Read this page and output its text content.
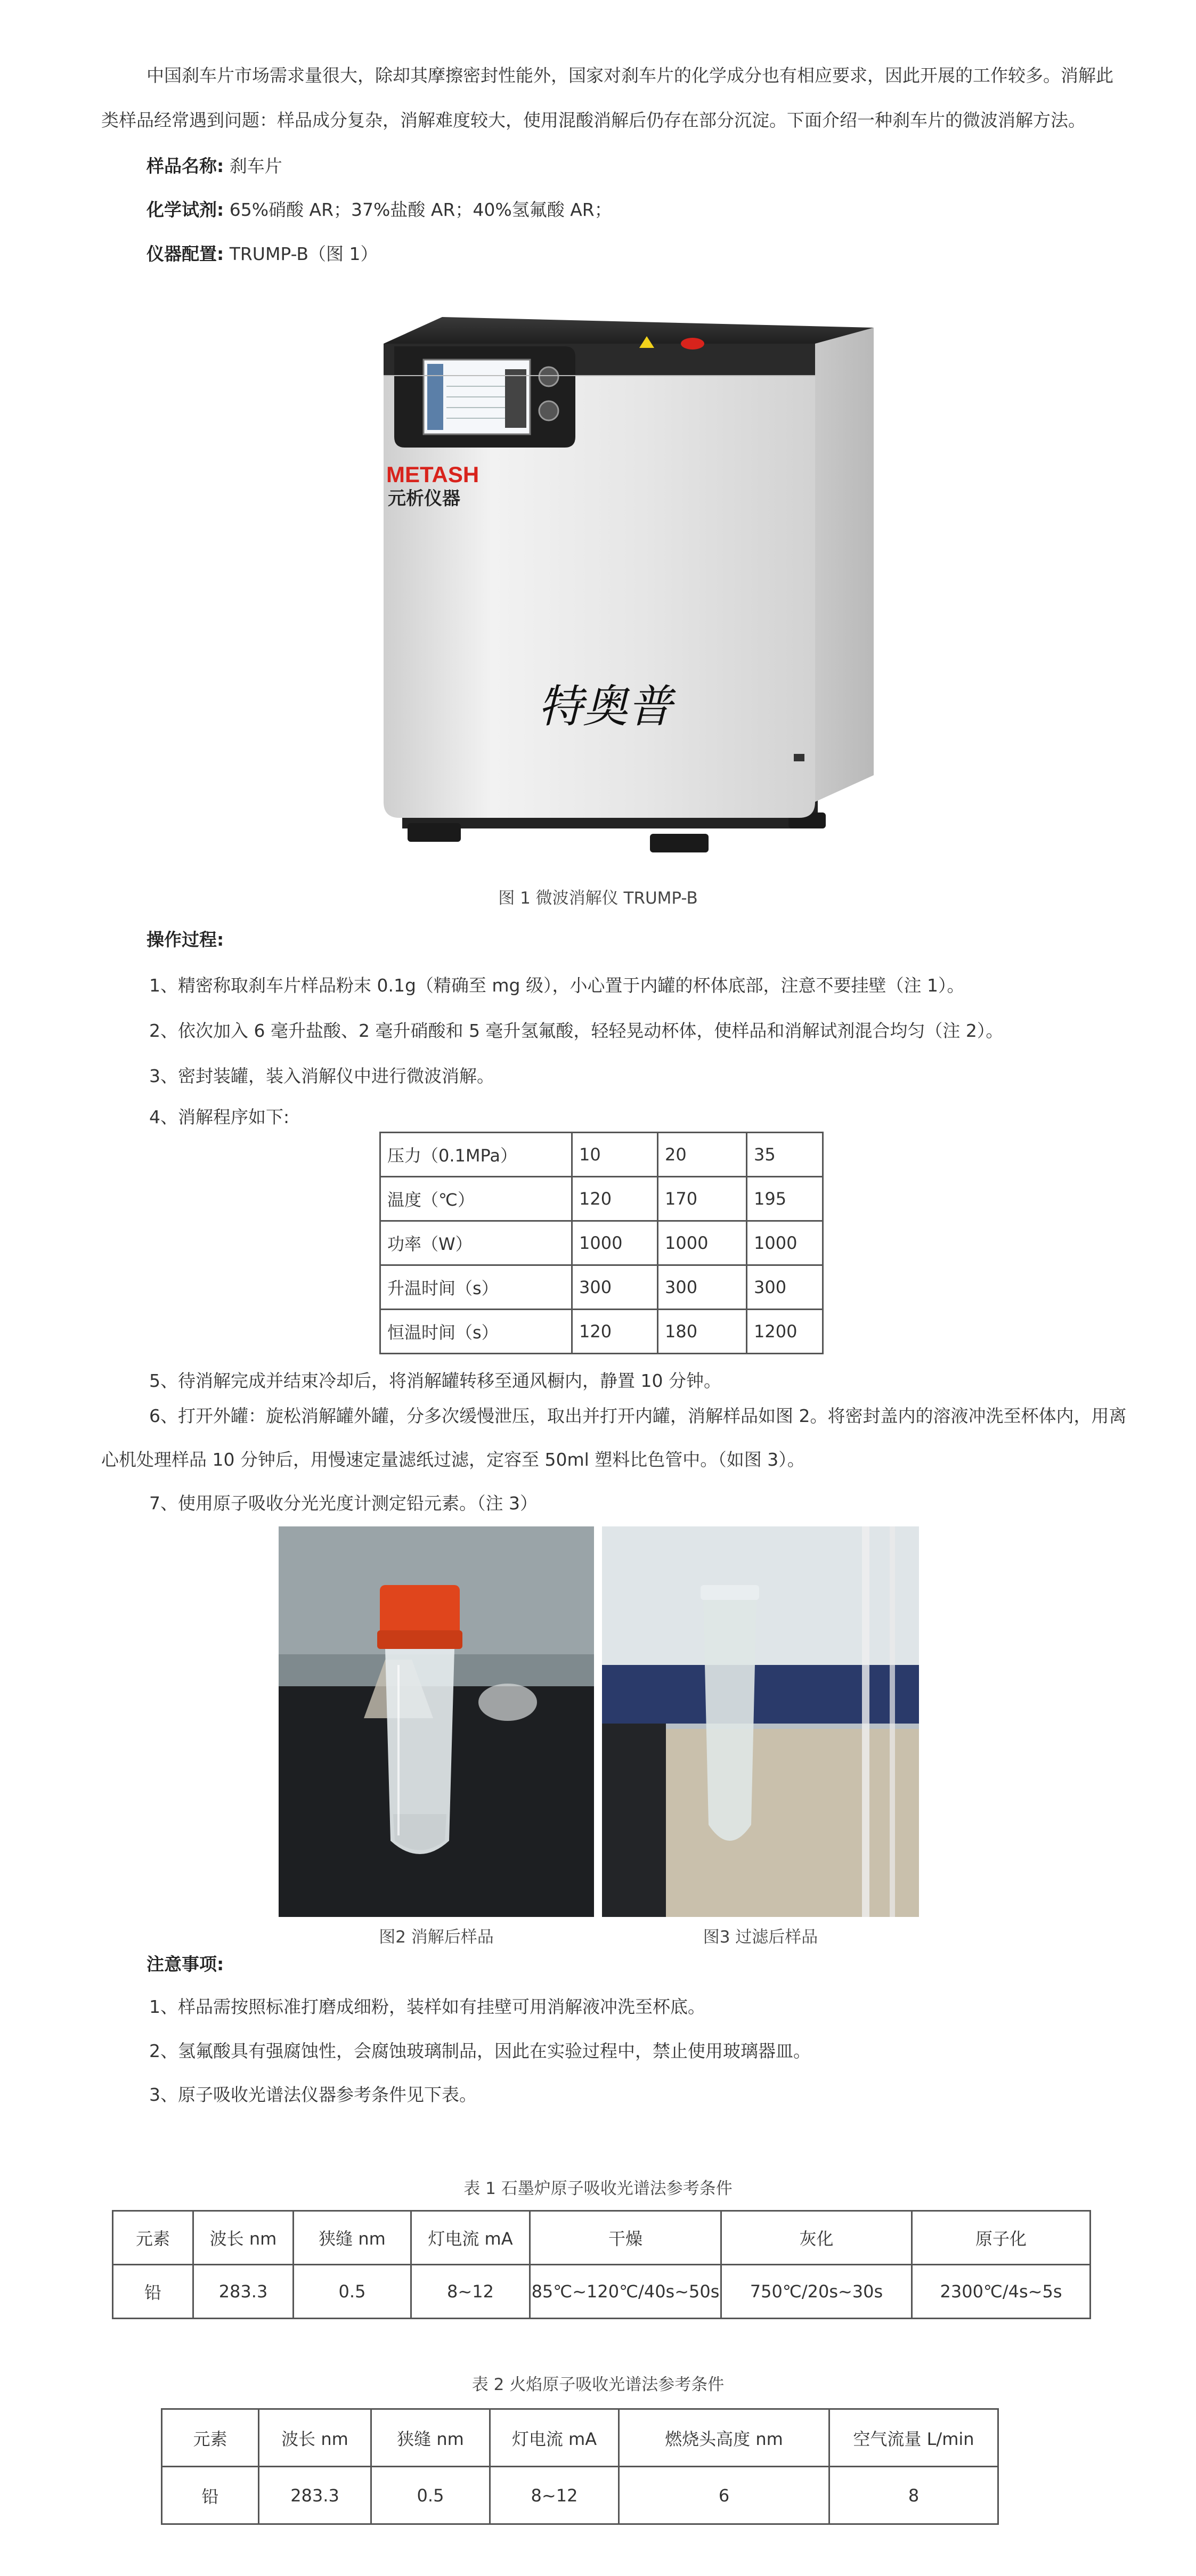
中国刹车片市场需求量很大，除却其摩擦密封性能外，国家对刹车片的化学成分也有相应要求，因此开展的工作较多。消解此

类样品经常遇到问题：样品成分复杂，消解难度较大，使用混酸消解后仍存在部分沉淀。下面介绍一种刹车片的微波消解方法。

样品名称: 刹车片

化学试剂: 65%硝酸 AR；37%盐酸 AR；40%氢氟酸 AR；

仪器配置: TRUMP-B（图 1）

METASH
元析仪器
特奥普
图 1 微波消解仪 TRUMP-B

操作过程:

1、精密称取刹车片样品粉末 0.1g（精确至 mg 级），小心置于内罐的杯体底部，注意不要挂壁（注 1）。

2、依次加入 6 毫升盐酸、2 毫升硝酸和 5 毫升氢氟酸，轻轻晃动杯体，使样品和消解试剂混合均匀（注 2）。

3、密封装罐，装入消解仪中进行微波消解。

4、消解程序如下:

压力（0.1MPa）	10	20	35
温度（℃）	120	170	195
功率（W）	1000	1000	1000
升温时间（s）	300	300	300
恒温时间（s）	120	180	1200

5、待消解完成并结束冷却后，将消解罐转移至通风橱内，静置 10 分钟。

6、打开外罐：旋松消解罐外罐，分多次缓慢泄压，取出并打开内罐，消解样品如图 2。将密封盖内的溶液冲洗至杯体内，用离

心机处理样品 10 分钟后，用慢速定量滤纸过滤，定容至 50ml 塑料比色管中。（如图 3）。

7、使用原子吸收分光光度计测定铅元素。（注 3）

图2 消解后样品	图3 过滤后样品

注意事项:

1、样品需按照标准打磨成细粉，装样如有挂壁可用消解液冲洗至杯底。

2、氢氟酸具有强腐蚀性，会腐蚀玻璃制品，因此在实验过程中，禁止使用玻璃器皿。

3、原子吸收光谱法仪器参考条件见下表。

表 1 石墨炉原子吸收光谱法参考条件
元素	波长 nm	狭缝 nm	灯电流 mA	干燥	灰化	原子化
铅	283.3	0.5	8~12	85℃~120℃/40s~50s	750℃/20s~30s	2300℃/4s~5s
表 2 火焰原子吸收光谱法参考条件
元素	波长 nm	狭缝 nm	灯电流 mA	燃烧头高度 nm	空气流量 L/min
铅	283.3	0.5	8~12	6	8
